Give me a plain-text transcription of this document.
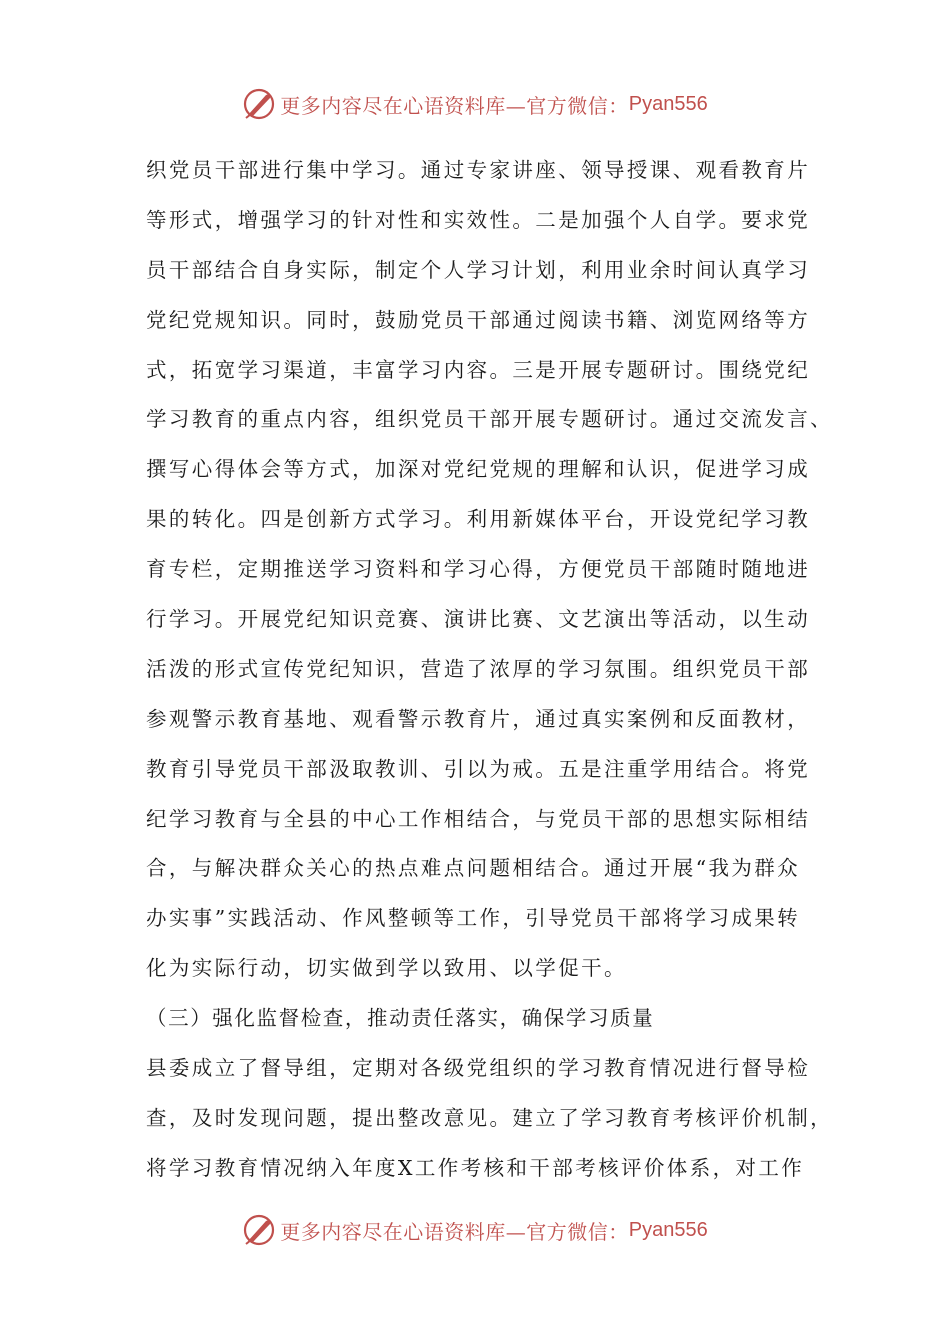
更多内容尽在心语资料库—官方微信： Pyan556
织党员干部进行集中学习。通过专家讲座、领导授课、观看教育片
等形式，增强学习的针对性和实效性。二是加强个人自学。要求党
员干部结合自身实际，制定个人学习计划，利用业余时间认真学习
党纪党规知识。同时，鼓励党员干部通过阅读书籍、浏览网络等方
式，拓宽学习渠道，丰富学习内容。三是开展专题研讨。围绕党纪
学习教育的重点内容，组织党员干部开展专题研讨。通过交流发言、
撰写心得体会等方式，加深对党纪党规的理解和认识，促进学习成
果的转化。四是创新方式学习。利用新媒体平台，开设党纪学习教
育专栏，定期推送学习资料和学习心得，方便党员干部随时随地进
行学习。开展党纪知识竞赛、演讲比赛、文艺演出等活动，以生动
活泼的形式宣传党纪知识，营造了浓厚的学习氛围。组织党员干部
参观警示教育基地、观看警示教育片，通过真实案例和反面教材，
教育引导党员干部汲取教训、引以为戒。五是注重学用结合。将党
纪学习教育与全县的中心工作相结合，与党员干部的思想实际相结
合，与解决群众关心的热点难点问题相结合。通过开展“我为群众
办实事”实践活动、作风整顿等工作，引导党员干部将学习成果转
化为实际行动，切实做到学以致用、以学促干。
（三）强化监督检查，推动责任落实，确保学习质量
县委成立了督导组，定期对各级党组织的学习教育情况进行督导检
查，及时发现问题，提出整改意见。建立了学习教育考核评价机制，
将学习教育情况纳入年度X工作考核和干部考核评价体系，对工作
更多内容尽在心语资料库—官方微信： Pyan556
